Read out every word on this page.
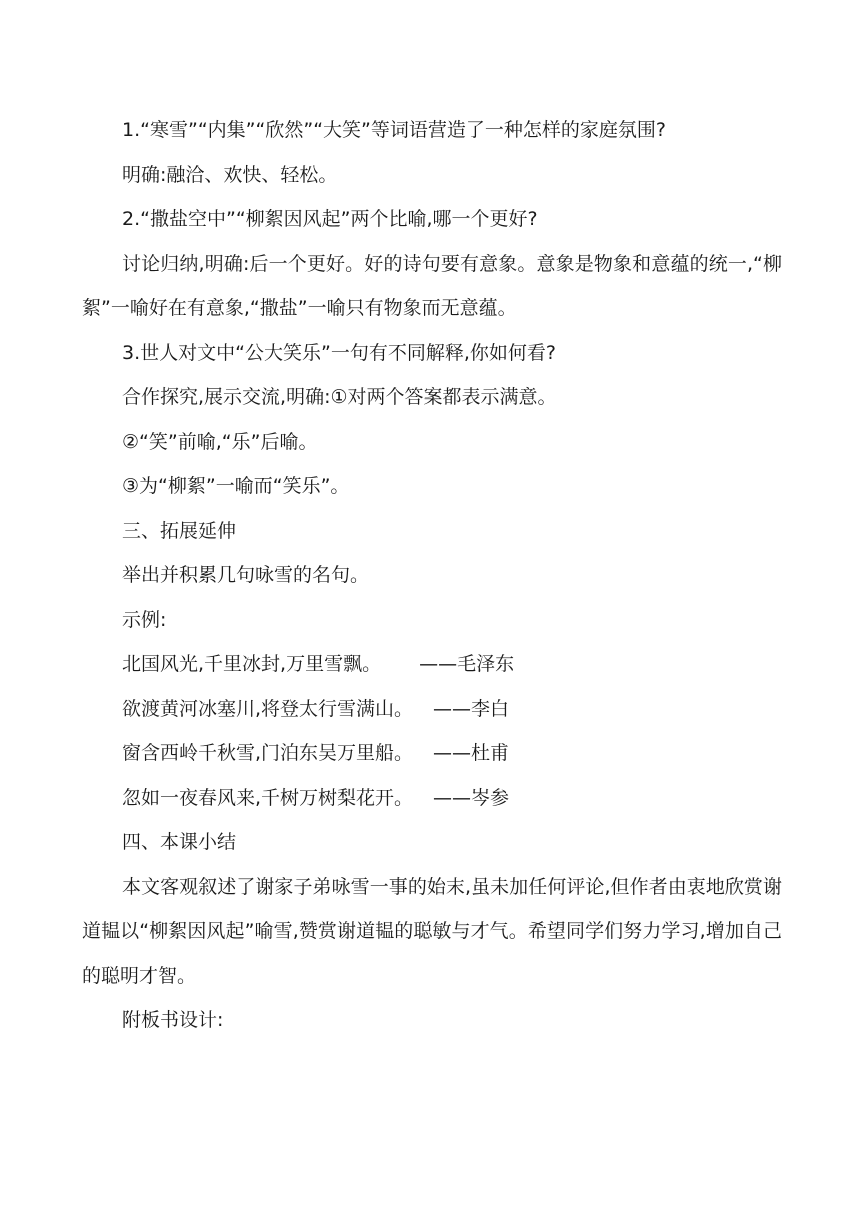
1.“寒雪”“内集”“欣然”“大笑”等词语营造了一种怎样的家庭氛围?

明确:融洽、欢快、轻松。

2.“撒盐空中”“柳絮因风起”两个比喻,哪一个更好?

讨论归纳,明确:后一个更好。好的诗句要有意象。意象是物象和意蕴的统一,“柳絮”一喻好在有意象,“撒盐”一喻只有物象而无意蕴。

3.世人对文中“公大笑乐”一句有不同解释,你如何看?

合作探究,展示交流,明确:①对两个答案都表示满意。

②“笑”前喻,“乐”后喻。

③为“柳絮”一喻而“笑乐”。

三、拓展延伸

举出并积累几句咏雪的名句。

示例:

北国风光,千里冰封,万里雪飘。 ——毛泽东

欲渡黄河冰塞川,将登太行雪满山。 ——李白

窗含西岭千秋雪,门泊东吴万里船。 ——杜甫

忽如一夜春风来,千树万树梨花开。 ——岑参

四、本课小结

本文客观叙述了谢家子弟咏雪一事的始末,虽未加任何评论,但作者由衷地欣赏谢道韫以“柳絮因风起”喻雪,赞赏谢道韫的聪敏与才气。希望同学们努力学习,增加自己的聪明才智。

附板书设计:
